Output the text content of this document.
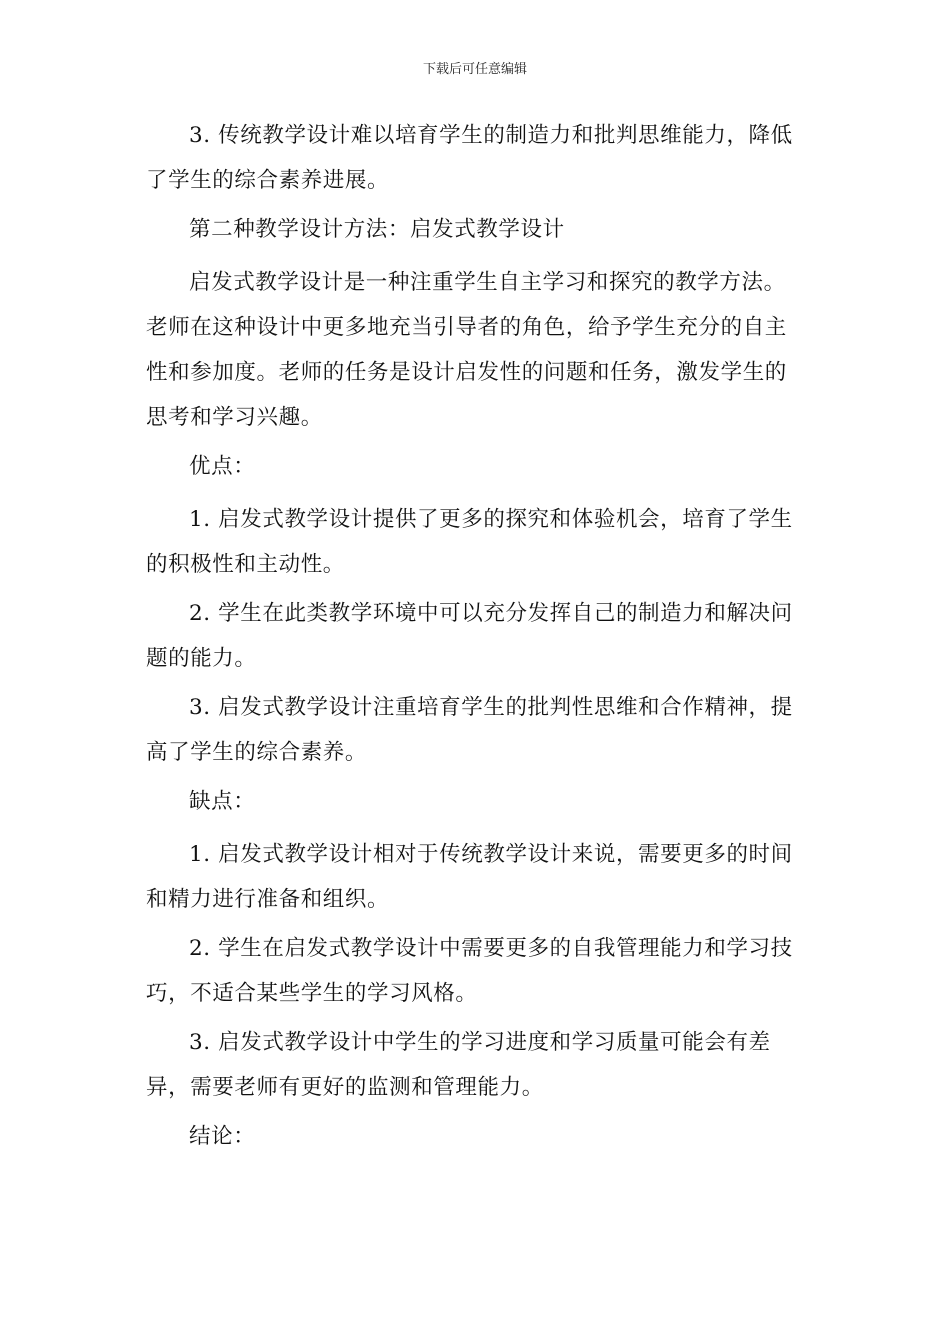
下载后可任意编辑

3. 传统教学设计难以培育学生的制造力和批判思维能力，降低了学生的综合素养进展。

第二种教学设计方法：启发式教学设计

启发式教学设计是一种注重学生自主学习和探究的教学方法。老师在这种设计中更多地充当引导者的角色，给予学生充分的自主性和参加度。老师的任务是设计启发性的问题和任务，激发学生的思考和学习兴趣。

优点：

1. 启发式教学设计提供了更多的探究和体验机会，培育了学生的积极性和主动性。

2. 学生在此类教学环境中可以充分发挥自己的制造力和解决问题的能力。

3. 启发式教学设计注重培育学生的批判性思维和合作精神，提高了学生的综合素养。

缺点：

1. 启发式教学设计相对于传统教学设计来说，需要更多的时间和精力进行准备和组织。

2. 学生在启发式教学设计中需要更多的自我管理能力和学习技巧，不适合某些学生的学习风格。

3. 启发式教学设计中学生的学习进度和学习质量可能会有差异，需要老师有更好的监测和管理能力。

结论：
